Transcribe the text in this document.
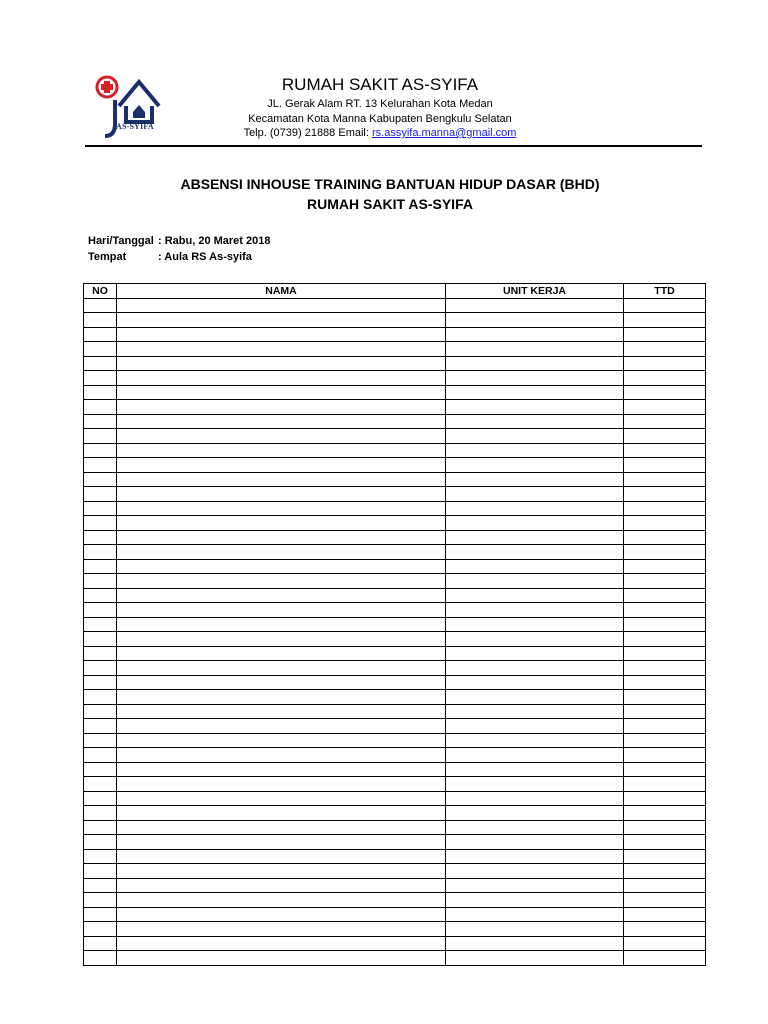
AS-SYIFA
RUMAH SAKIT AS-SYIFA
JL. Gerak Alam RT. 13 Kelurahan Kota Medan
Kecamatan Kota Manna Kabupaten Bengkulu Selatan
Telp. (0739) 21888 Email: rs.assyifa.manna@gmail.com
ABSENSI INHOUSE TRAINING BANTUAN HIDUP DASAR (BHD)
RUMAH SAKIT AS-SYIFA
Hari/Tanggal : Rabu, 20 Maret 2018
Tempat	: Aula RS As-syifa
NO	NAMA	UNIT KERJA	TTD
